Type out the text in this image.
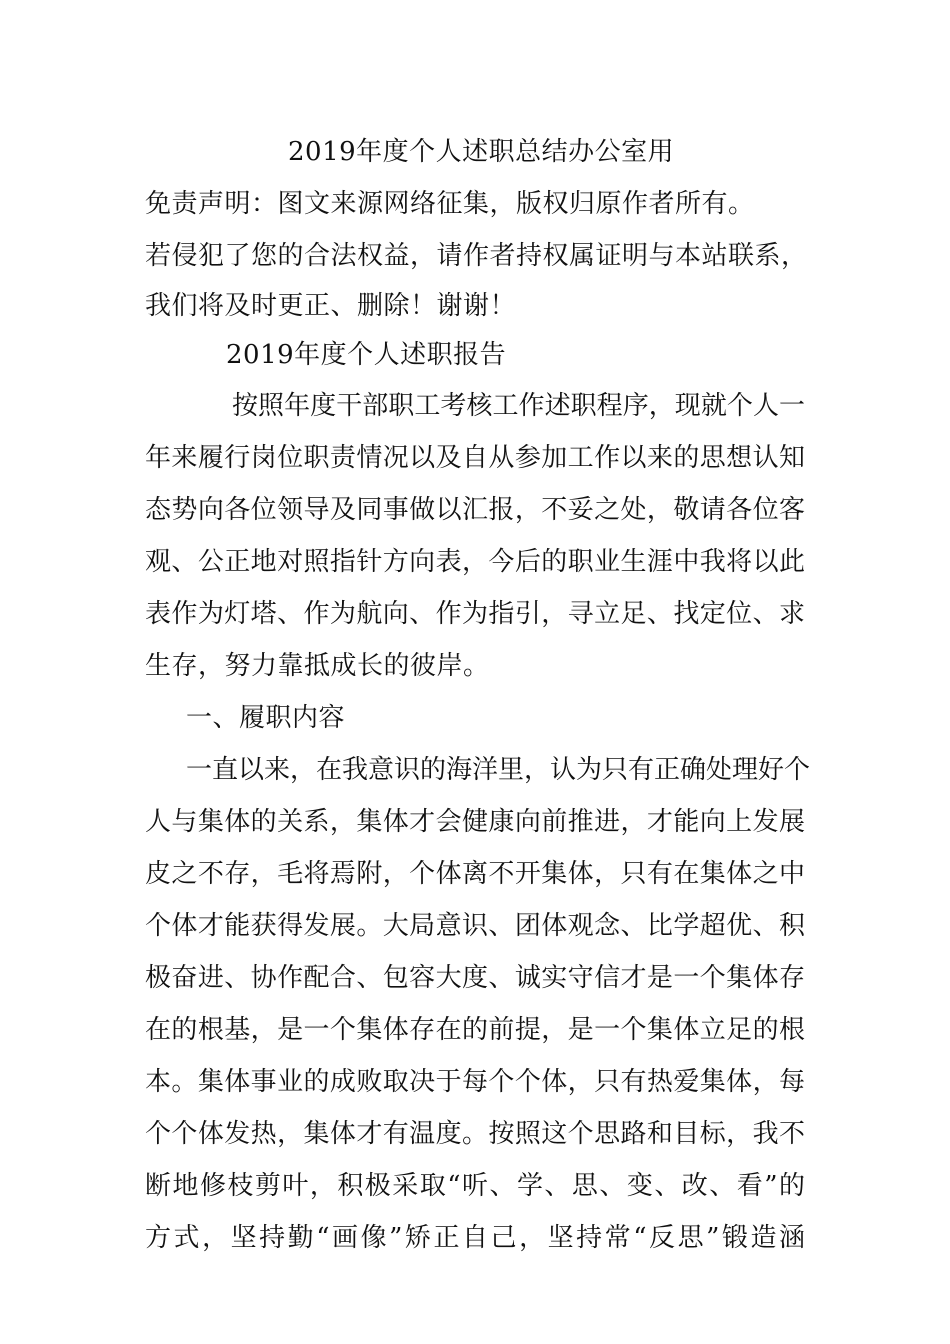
2019年度个人述职总结办公室用
免责声明：图文来源网络征集，版权归原作者所有。
若侵犯了您的合法权益，请作者持权属证明与本站联系，
我们将及时更正、删除！谢谢！
2019年度个人述职报告
按照年度干部职工考核工作述职程序，现就个人一
年来履行岗位职责情况以及自从参加工作以来的思想认知
态势向各位领导及同事做以汇报，不妥之处，敬请各位客
观、公正地对照指针方向表，今后的职业生涯中我将以此
表作为灯塔、作为航向、作为指引，寻立足、找定位、求
生存，努力靠抵成长的彼岸。
一、履职内容
一直以来，在我意识的海洋里，认为只有正确处理好个
人与集体的关系，集体才会健康向前推进，才能向上发展
皮之不存，毛将焉附，个体离不开集体，只有在集体之中
个体才能获得发展。大局意识、团体观念、比学超优、积
极奋进、协作配合、包容大度、诚实守信才是一个集体存
在的根基，是一个集体存在的前提，是一个集体立足的根
本。集体事业的成败取决于每个个体，只有热爱集体，每
个个体发热，集体才有温度。按照这个思路和目标，我不
断地修枝剪叶，积极采取“听、学、思、变、改、看”的
方式，坚持勤“画像”矫正自己，坚持常“反思”锻造涵
